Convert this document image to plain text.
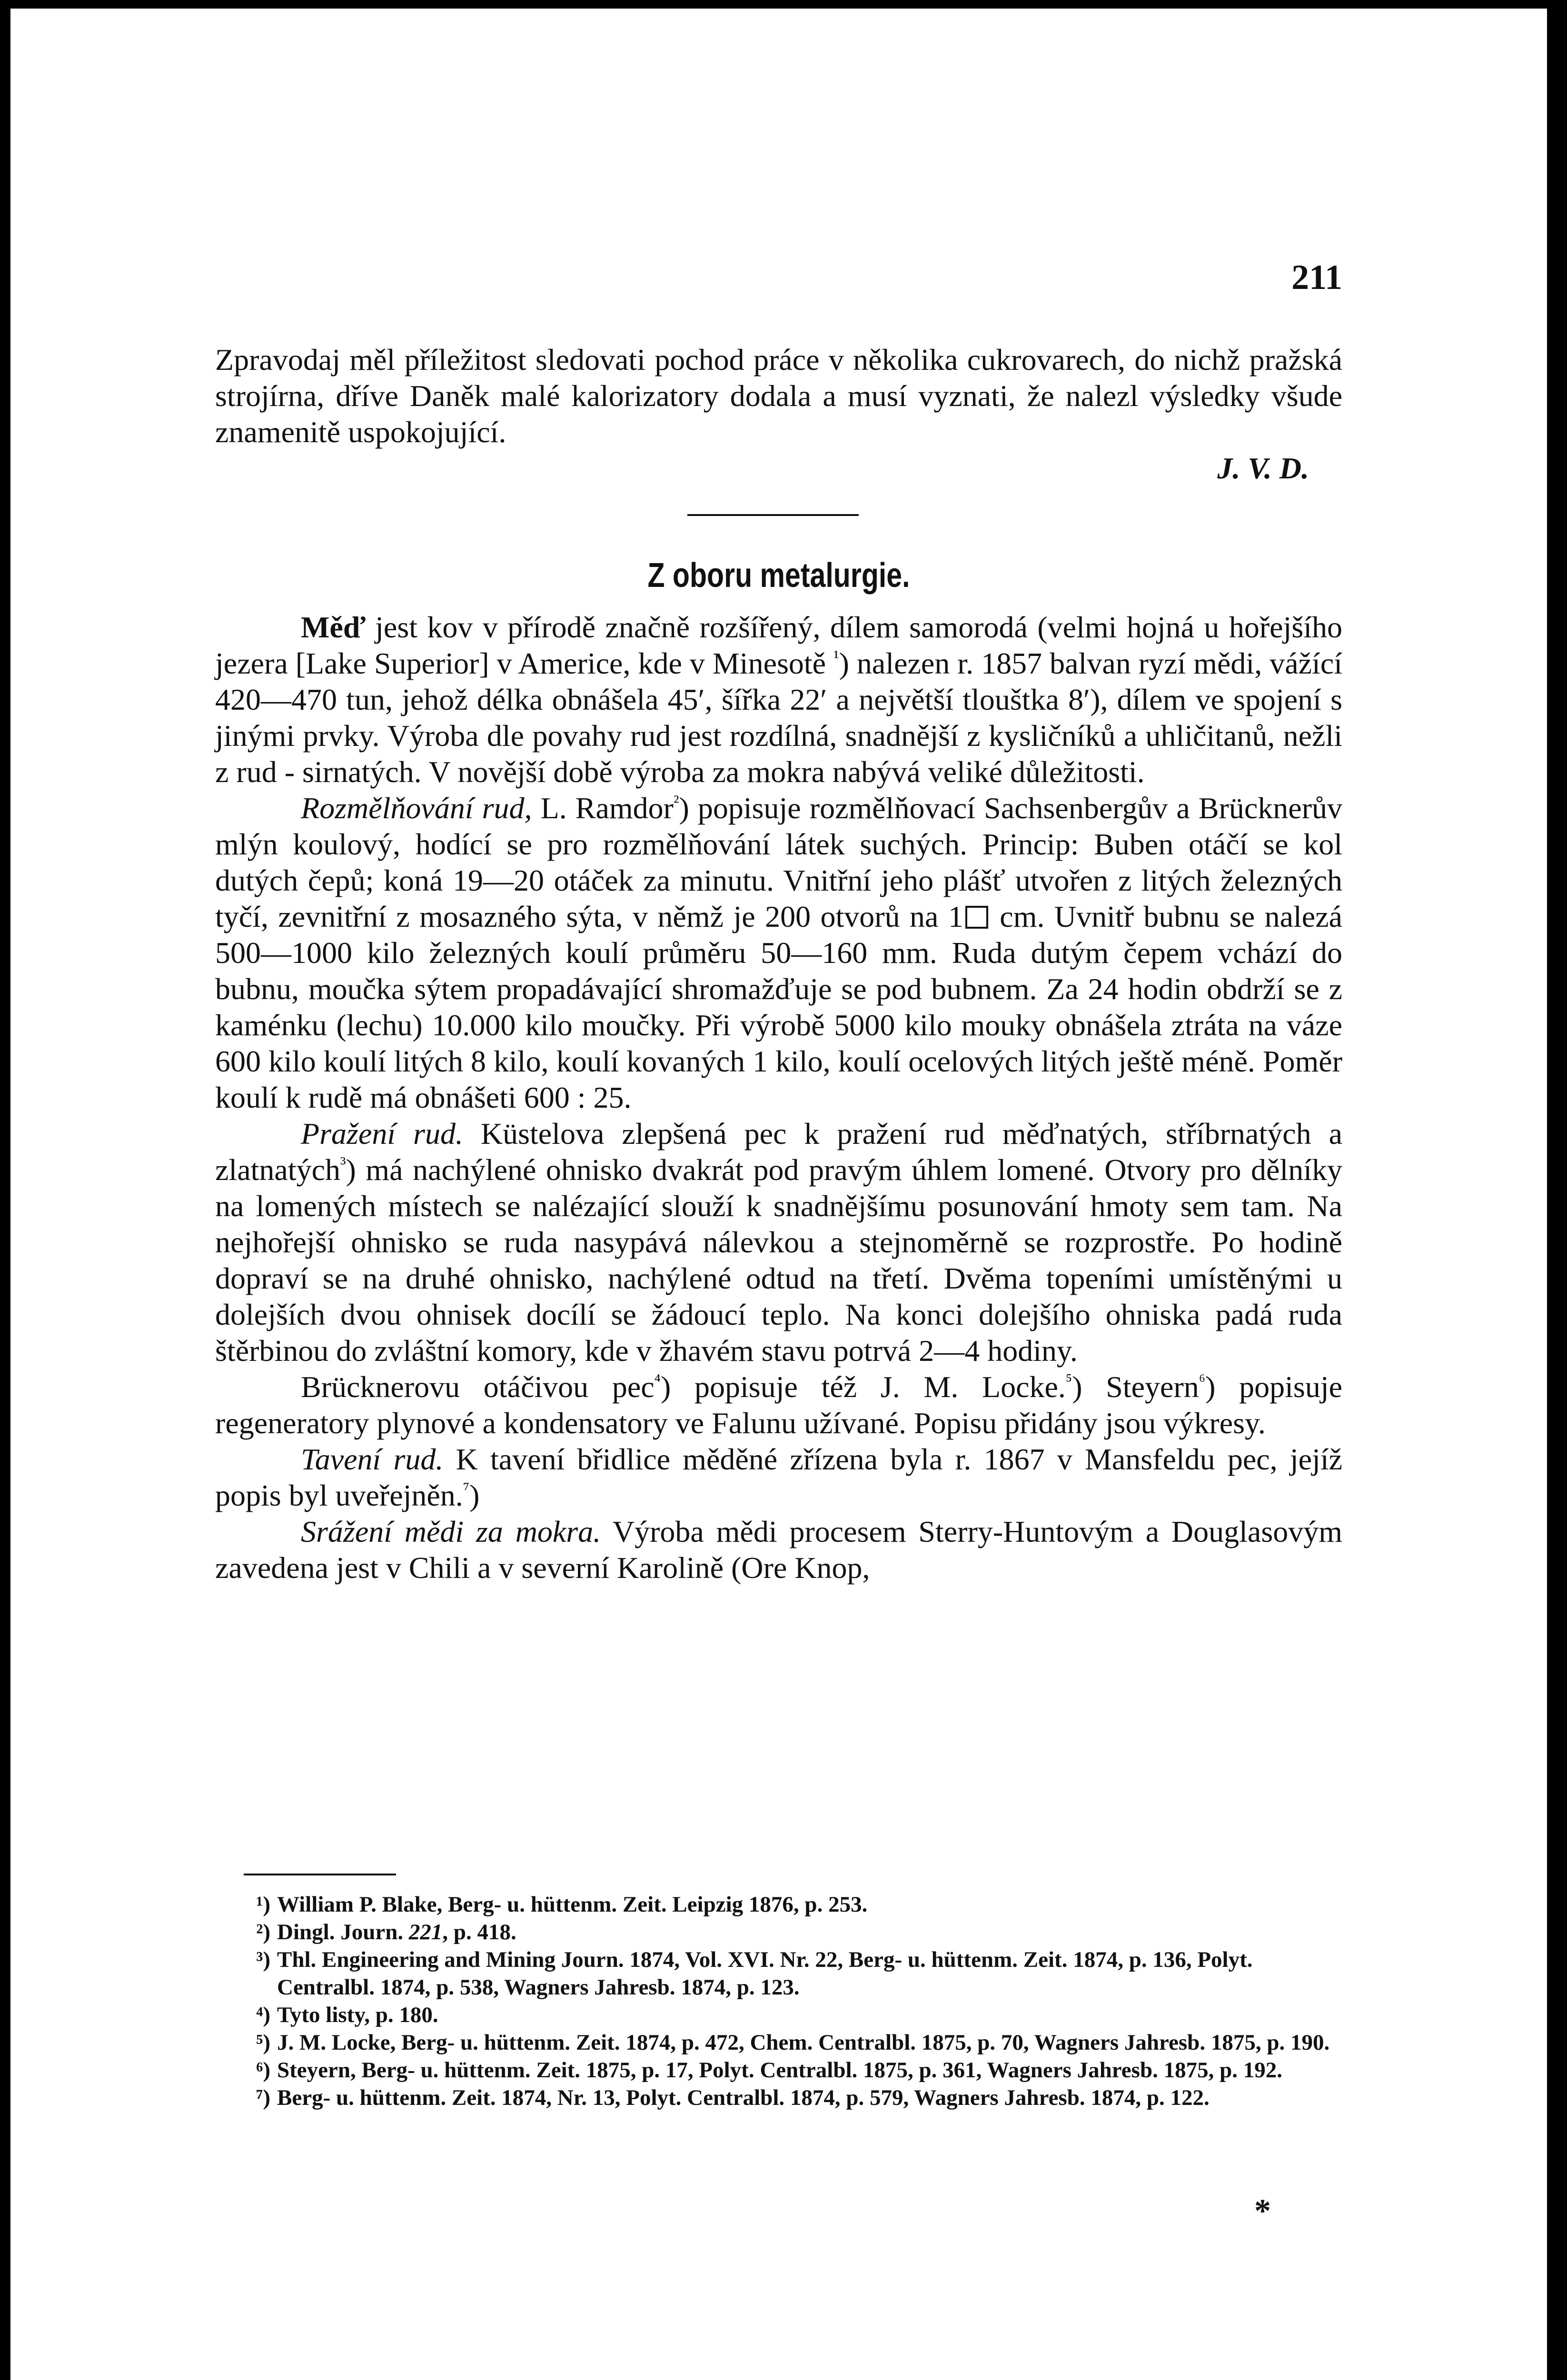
211

Zpravodaj měl příležitost sledovati pochod práce v několika cukrovarech, do nichž pražská strojírna, dříve Daněk malé kalorizatory dodala a musí vyznati, že nalezl výsledky všude znamenitě uspokojující.

J. V. D.

Z oboru metalurgie.

Měď jest kov v přírodě značně rozšířený, dílem samorodá (velmi hojná u hořejšího jezera [Lake Superior] v Americe, kde v Minesotě $^{^1}$) nalezen r. 1857 balvan ryzí mědi, vážící 420—470 tun, jehož délka obnášela 45′, šířka 22′ a největší tlouštka 8′), dílem ve spojení s jinými prvky. Výroba dle povahy rud jest rozdílná, snadnější z kysličníků a uhličitanů, nežli z rud - sirnatých. V novější době výroba za mokra nabývá veliké důležitosti.

Rozmělňování rud, L. Ramdor$^{^2}$) popisuje rozmělňovací Sachsenbergův a Brücknerův mlýn koulový, hodící se pro rozmělňování látek suchých. Princip: Buben otáčí se kol dutých čepů; koná 19—20 otáček za minutu. Vnitřní jeho plášť utvořen z litých železných tyčí, zevnitřní z mosazného sýta, v němž je 200 otvorů na 1 cm. Uvnitř bubnu se nalezá 500—1000 kilo železných koulí průměru 50—160 mm. Ruda dutým čepem vchází do bubnu, moučka sýtem propadávající shromažďuje se pod bubnem. Za 24 hodin obdrží se z kaménku (lechu) 10.000 kilo moučky. Při výrobě 5000 kilo mouky obnášela ztráta na váze 600 kilo koulí litých 8 kilo, koulí kovaných 1 kilo, koulí ocelových litých ještě méně. Poměr koulí k rudě má obnášeti 600 : 25.

Pražení rud. Küstelova zlepšená pec k pražení rud měďnatých, stříbrnatých a zlatnatých$^{^3}$) má nachýlené ohnisko dvakrát pod pravým úhlem lomené. Otvory pro dělníky na lomených místech se nalézající slouží k snadnějšímu posunování hmoty sem tam. Na nejhořejší ohnisko se ruda nasypává nálevkou a stejnoměrně se rozprostře. Po hodině dopraví se na druhé ohnisko, nachýlené odtud na třetí. Dvěma topeními umístěnými u dolejších dvou ohnisek docílí se žádoucí teplo. Na konci dolejšího ohniska padá ruda štěrbinou do zvláštní komory, kde v žhavém stavu potrvá 2—4 hodiny.

Brücknerovu otáčivou pec$^{^4}$) popisuje též J. M. Locke.$^{^5}$) Steyern$^{^6}$) popisuje regeneratory plynové a kondensatory ve Falunu užívané. Popisu přidány jsou výkresy.

Tavení rud. K tavení břidlice měděné zřízena byla r. 1867 v Mansfeldu pec, jejíž popis byl uveřejněn.$^{^7}$)

Srážení mědi za mokra. Výroba mědi procesem Sterry-Huntovým a Douglasovým zavedena jest v Chili a v severní Karolině (Ore Knop,

¹) William P. Blake, Berg- u. hüttenm. Zeit. Leipzig 1876, p. 253.

²) Dingl. Journ. 221, p. 418.

³) Thl. Engineering and Mining Journ. 1874, Vol. XVI. Nr. 22, Berg- u. hüttenm. Zeit. 1874, p. 136, Polyt. Centralbl. 1874, p. 538, Wagners Jahresb. 1874, p. 123.

⁴) Tyto listy, p. 180.

⁵) J. M. Locke, Berg- u. hüttenm. Zeit. 1874, p. 472, Chem. Centralbl. 1875, p. 70, Wagners Jahresb. 1875, p. 190.

⁶) Steyern, Berg- u. hüttenm. Zeit. 1875, p. 17, Polyt. Centralbl. 1875, p. 361, Wagners Jahresb. 1875, p. 192.

⁷) Berg- u. hüttenm. Zeit. 1874, Nr. 13, Polyt. Centralbl. 1874, p. 579, Wagners Jahresb. 1874, p. 122.

*
